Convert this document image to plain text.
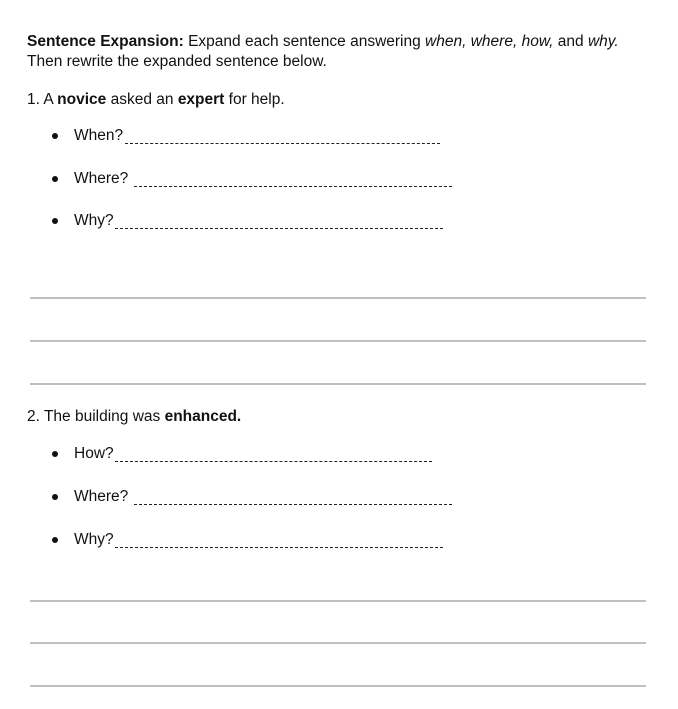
Sentence Expansion: Expand each sentence answering when, where, how, and why.
Then rewrite the expanded sentence below.
1. A novice asked an expert for help.
When?
Where?
Why?
2. The building was enhanced.
How?
Where?
Why?
